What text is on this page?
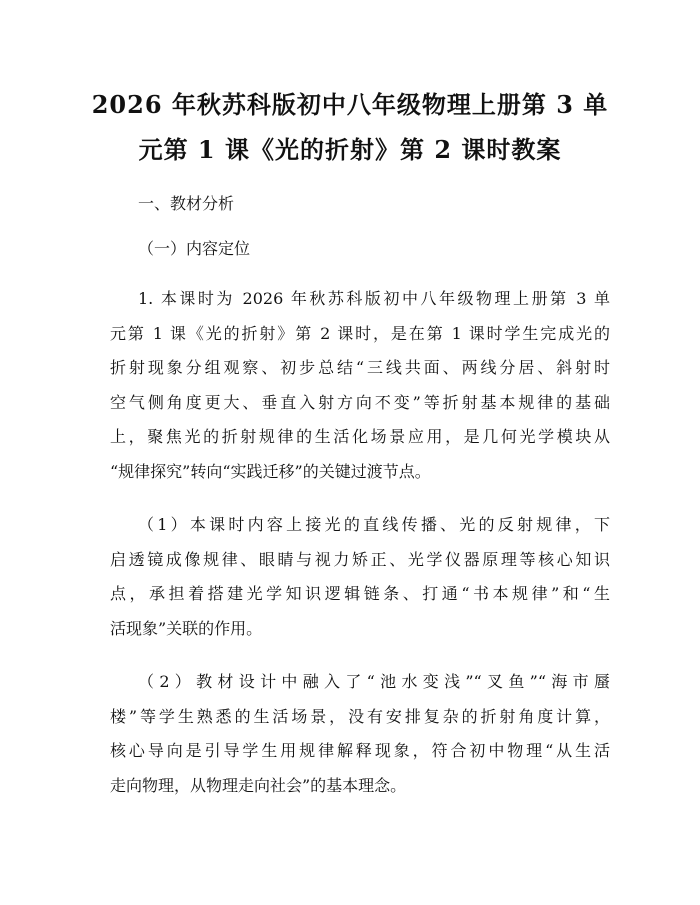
2026 年秋苏科版初中八年级物理上册第 3 单
元第 1 课《光的折射》第 2 课时教案
一、教材分析
（一）内容定位
1. 本课时为 2026 年秋苏科版初中八年级物理上册第 3 单
元第 1 课《光的折射》第 2 课时，是在第 1 课时学生完成光的
折射现象分组观察、初步总结“三线共面、两线分居、斜射时
空气侧角度更大、垂直入射方向不变”等折射基本规律的基础
上，聚焦光的折射规律的生活化场景应用，是几何光学模块从
“规律探究”转向“实践迁移”的关键过渡节点。
（1）本课时内容上接光的直线传播、光的反射规律，下
启透镜成像规律、眼睛与视力矫正、光学仪器原理等核心知识
点，承担着搭建光学知识逻辑链条、打通“书本规律”和“生
活现象”关联的作用。
（2）教材设计中融入了“池水变浅”“叉鱼”“海市蜃
楼”等学生熟悉的生活场景，没有安排复杂的折射角度计算，
核心导向是引导学生用规律解释现象，符合初中物理“从生活
走向物理，从物理走向社会”的基本理念。
